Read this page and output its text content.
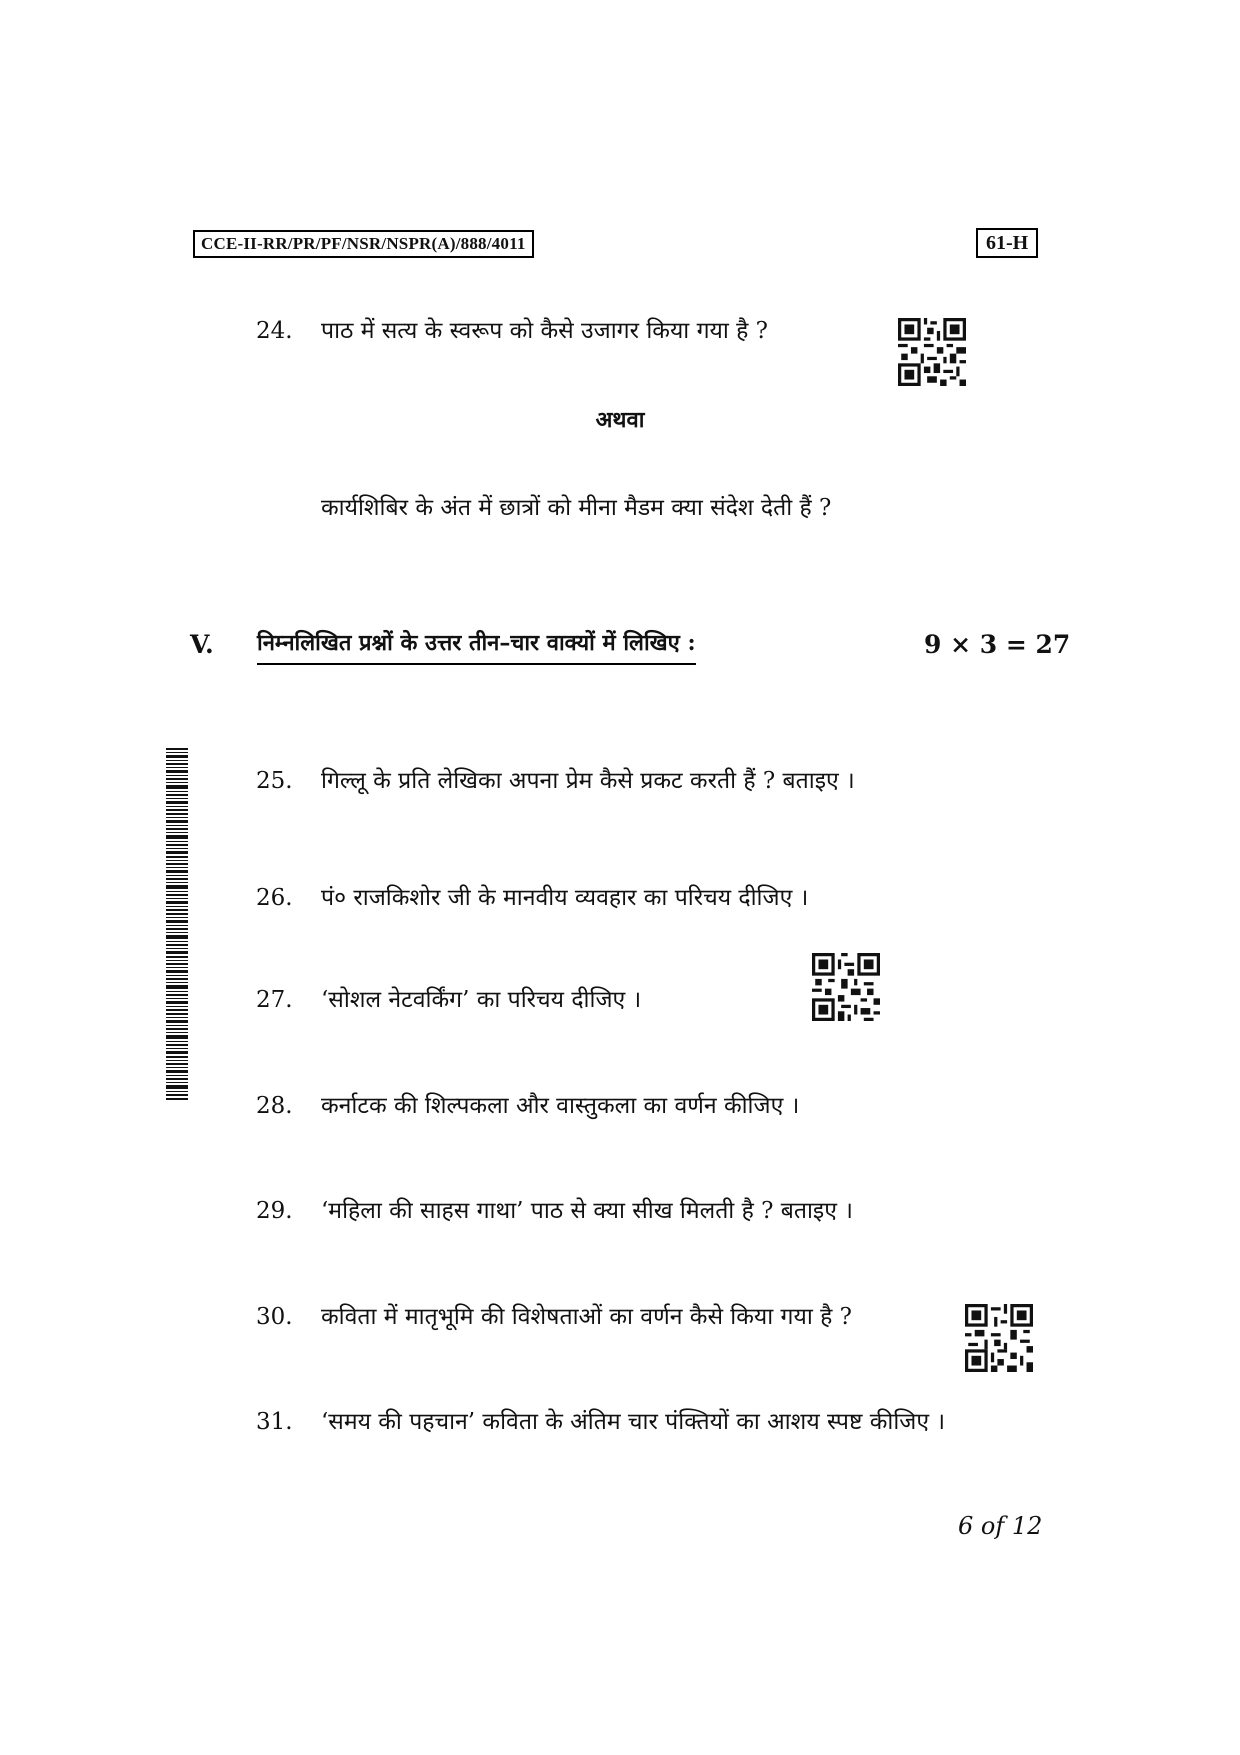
CCE-II-RR/PR/PF/NSR/NSPR(A)/888/4011	61-H
24. पाठ में सत्य के स्वरूप को कैसे उजागर किया गया है ?
अथवा
कार्यशिबिर के अंत में छात्रों को मीना मैडम क्या संदेश देती हैं ?
V. निम्नलिखित प्रश्नों के उत्तर तीन–चार वाक्यों में लिखिए :	9 × 3 = 27
25. गिल्लू के प्रति लेखिका अपना प्रेम कैसे प्रकट करती हैं ? बताइए ।
26. पं० राजकिशोर जी के मानवीय व्यवहार का परिचय दीजिए ।
27. ‘सोशल नेटवर्किंग’ का परिचय दीजिए ।
28. कर्नाटक की शिल्पकला और वास्तुकला का वर्णन कीजिए ।
29. ‘महिला की साहस गाथा’ पाठ से क्या सीख मिलती है ? बताइए ।
30. कविता में मातृभूमि की विशेषताओं का वर्णन कैसे किया गया है ?
31. ‘समय की पहचान’ कविता के अंतिम चार पंक्तियों का आशय स्पष्ट कीजिए ।
6 of 12
